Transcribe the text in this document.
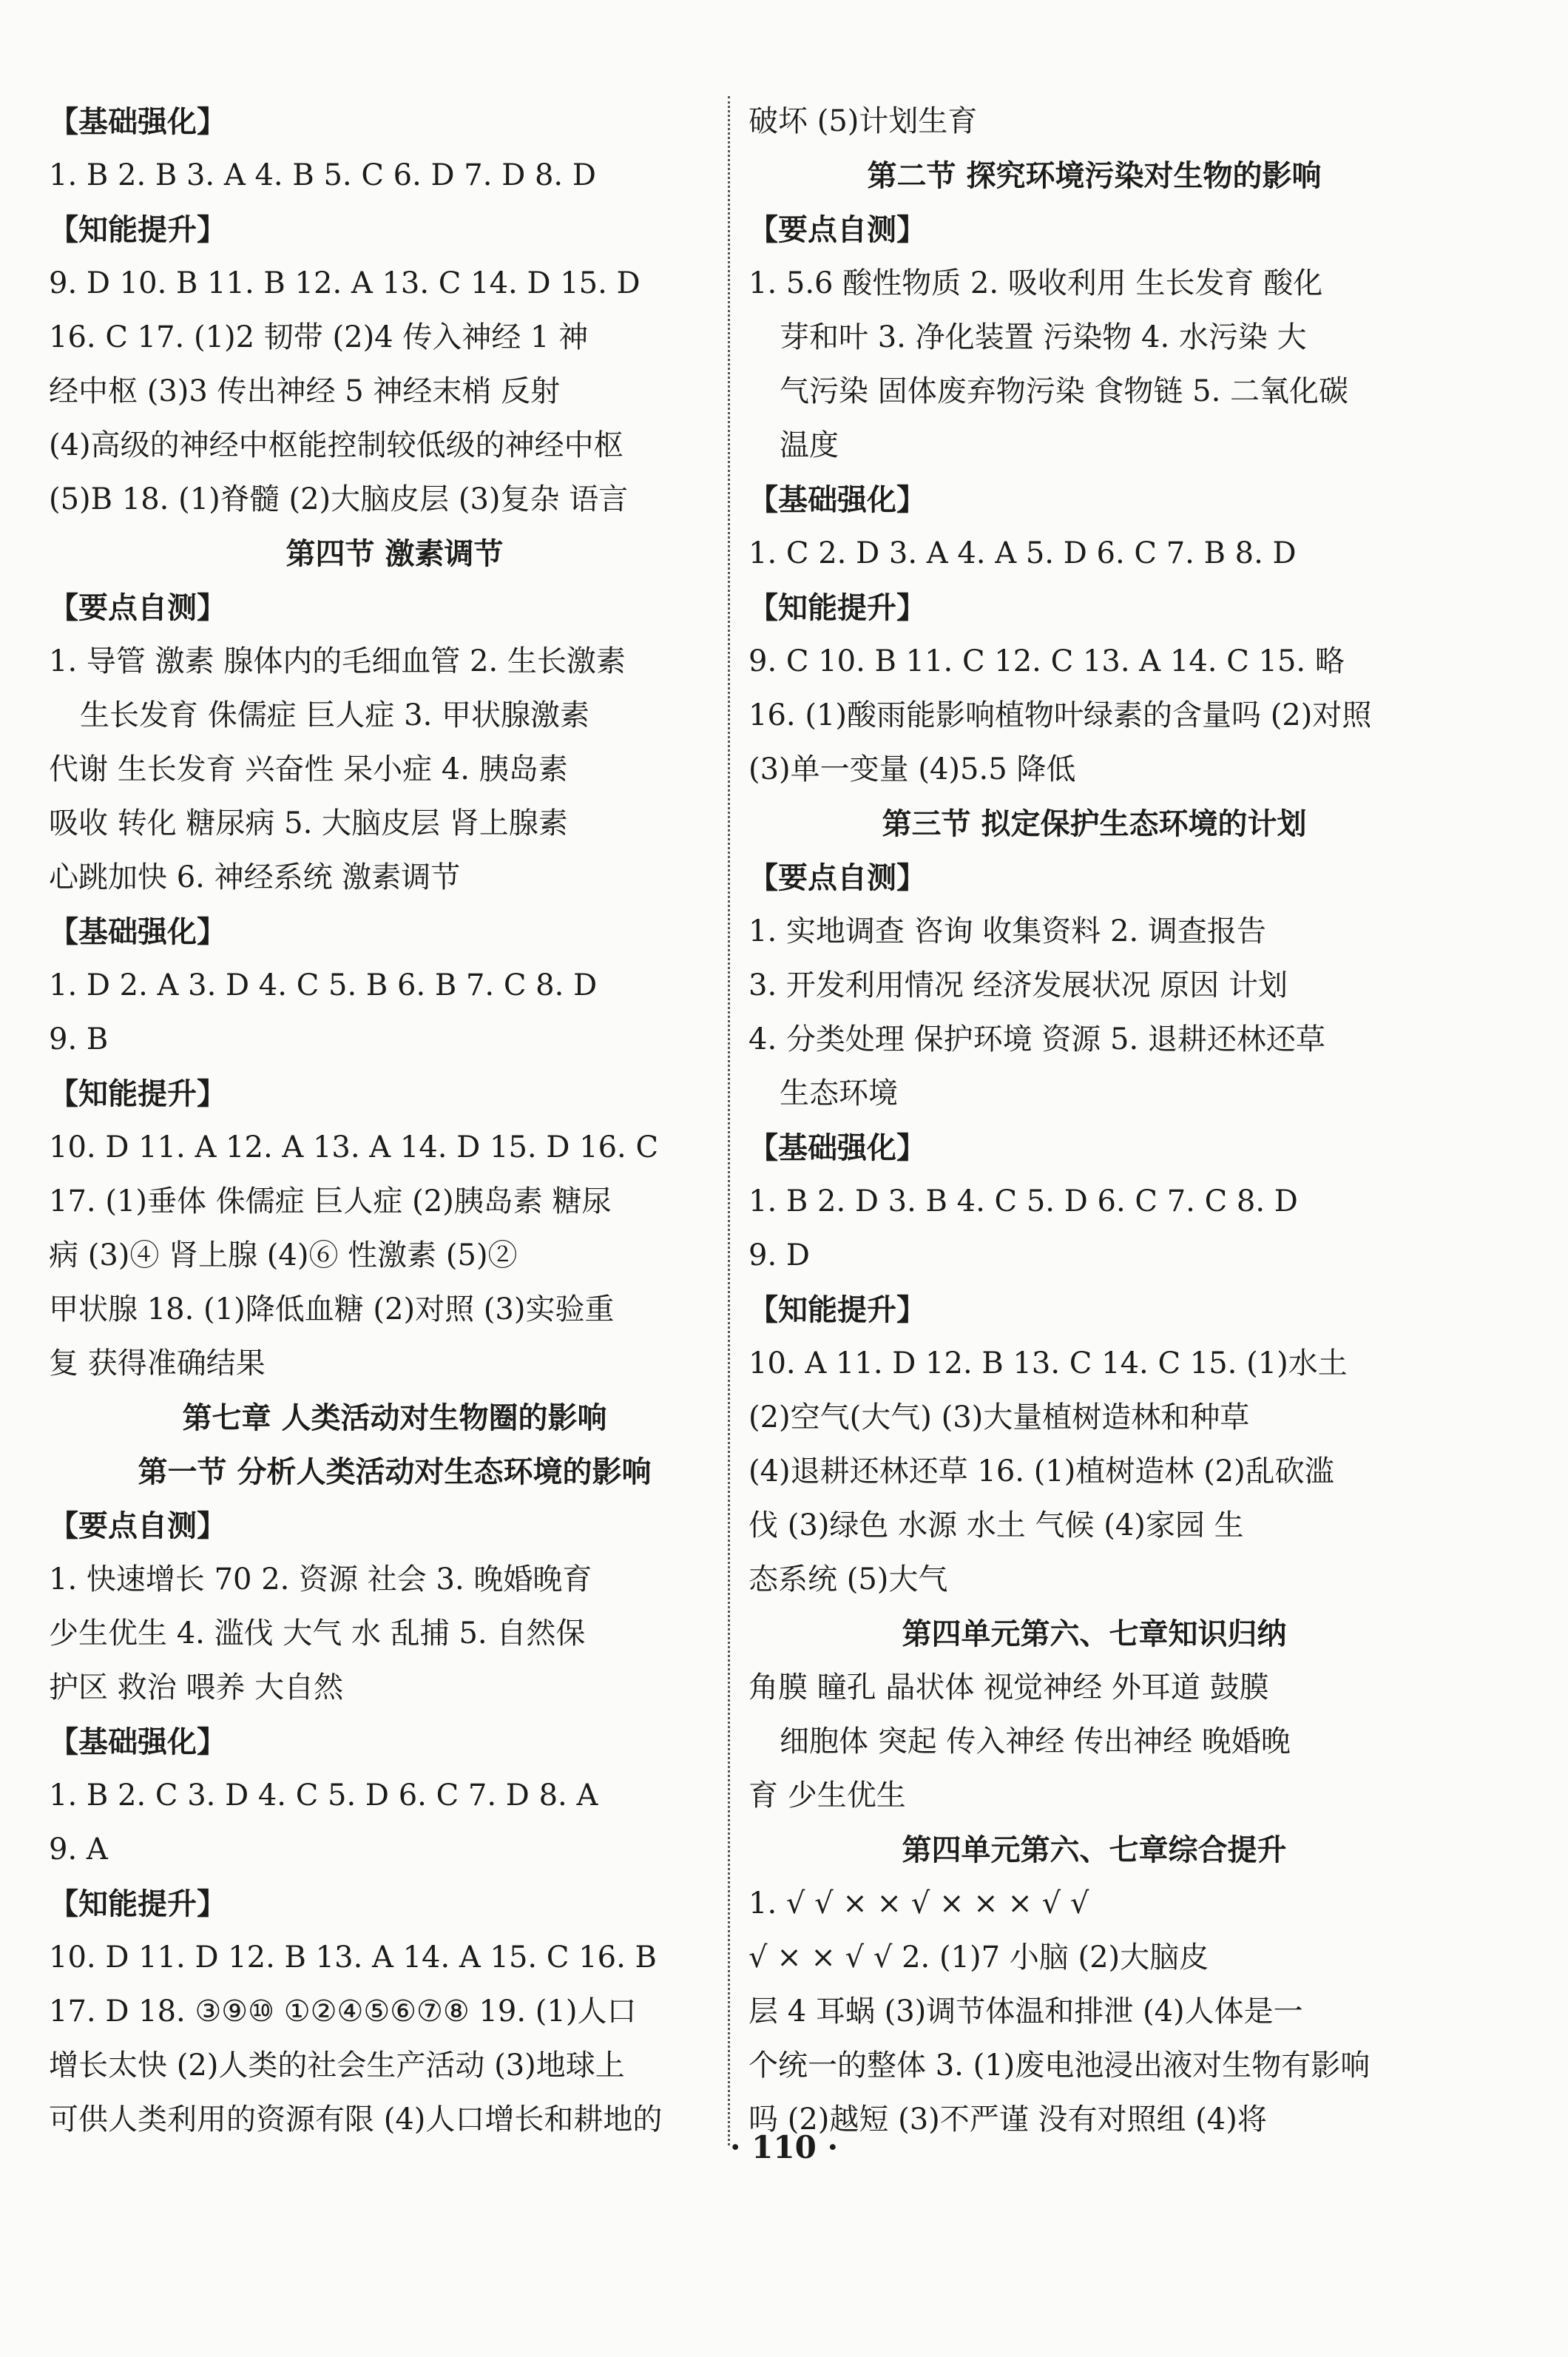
【基础强化】
1. B 2. B 3. A 4. B 5. C 6. D 7. D 8. D
【知能提升】
9. D 10. B 11. B 12. A 13. C 14. D 15. D
16. C 17. (1)2 韧带 (2)4 传入神经 1 神
经中枢 (3)3 传出神经 5 神经末梢 反射
(4)高级的神经中枢能控制较低级的神经中枢
(5)B 18. (1)脊髓 (2)大脑皮层 (3)复杂 语言
第四节 激素调节
【要点自测】
1. 导管 激素 腺体内的毛细血管 2. 生长激素
生长发育 侏儒症 巨人症 3. 甲状腺激素
代谢 生长发育 兴奋性 呆小症 4. 胰岛素
吸收 转化 糖尿病 5. 大脑皮层 肾上腺素
心跳加快 6. 神经系统 激素调节
【基础强化】
1. D 2. A 3. D 4. C 5. B 6. B 7. C 8. D
9. B
【知能提升】
10. D 11. A 12. A 13. A 14. D 15. D 16. C
17. (1)垂体 侏儒症 巨人症 (2)胰岛素 糖尿
病 (3)④ 肾上腺 (4)⑥ 性激素 (5)②
甲状腺 18. (1)降低血糖 (2)对照 (3)实验重
复 获得准确结果
第七章 人类活动对生物圈的影响
第一节 分析人类活动对生态环境的影响
【要点自测】
1. 快速增长 70 2. 资源 社会 3. 晚婚晚育
少生优生 4. 滥伐 大气 水 乱捕 5. 自然保
护区 救治 喂养 大自然
【基础强化】
1. B 2. C 3. D 4. C 5. D 6. C 7. D 8. A
9. A
【知能提升】
10. D 11. D 12. B 13. A 14. A 15. C 16. B
17. D 18. ③⑨⑩ ①②④⑤⑥⑦⑧ 19. (1)人口
增长太快 (2)人类的社会生产活动 (3)地球上
可供人类利用的资源有限 (4)人口增长和耕地的
破坏 (5)计划生育
第二节 探究环境污染对生物的影响
【要点自测】
1. 5.6 酸性物质 2. 吸收利用 生长发育 酸化
芽和叶 3. 净化装置 污染物 4. 水污染 大
气污染 固体废弃物污染 食物链 5. 二氧化碳
温度
【基础强化】
1. C 2. D 3. A 4. A 5. D 6. C 7. B 8. D
【知能提升】
9. C 10. B 11. C 12. C 13. A 14. C 15. 略
16. (1)酸雨能影响植物叶绿素的含量吗 (2)对照
(3)单一变量 (4)5.5 降低
第三节 拟定保护生态环境的计划
【要点自测】
1. 实地调查 咨询 收集资料 2. 调查报告
3. 开发利用情况 经济发展状况 原因 计划
4. 分类处理 保护环境 资源 5. 退耕还林还草
生态环境
【基础强化】
1. B 2. D 3. B 4. C 5. D 6. C 7. C 8. D
9. D
【知能提升】
10. A 11. D 12. B 13. C 14. C 15. (1)水土
(2)空气(大气) (3)大量植树造林和种草
(4)退耕还林还草 16. (1)植树造林 (2)乱砍滥
伐 (3)绿色 水源 水土 气候 (4)家园 生
态系统 (5)大气
第四单元第六、七章知识归纳
角膜 瞳孔 晶状体 视觉神经 外耳道 鼓膜
细胞体 突起 传入神经 传出神经 晚婚晚
育 少生优生
第四单元第六、七章综合提升
1. √ √ × × √ × × × √ √
√ × × √ √ 2. (1)7 小脑 (2)大脑皮
层 4 耳蜗 (3)调节体温和排泄 (4)人体是一
个统一的整体 3. (1)废电池浸出液对生物有影响
吗 (2)越短 (3)不严谨 没有对照组 (4)将
· 110 ·
